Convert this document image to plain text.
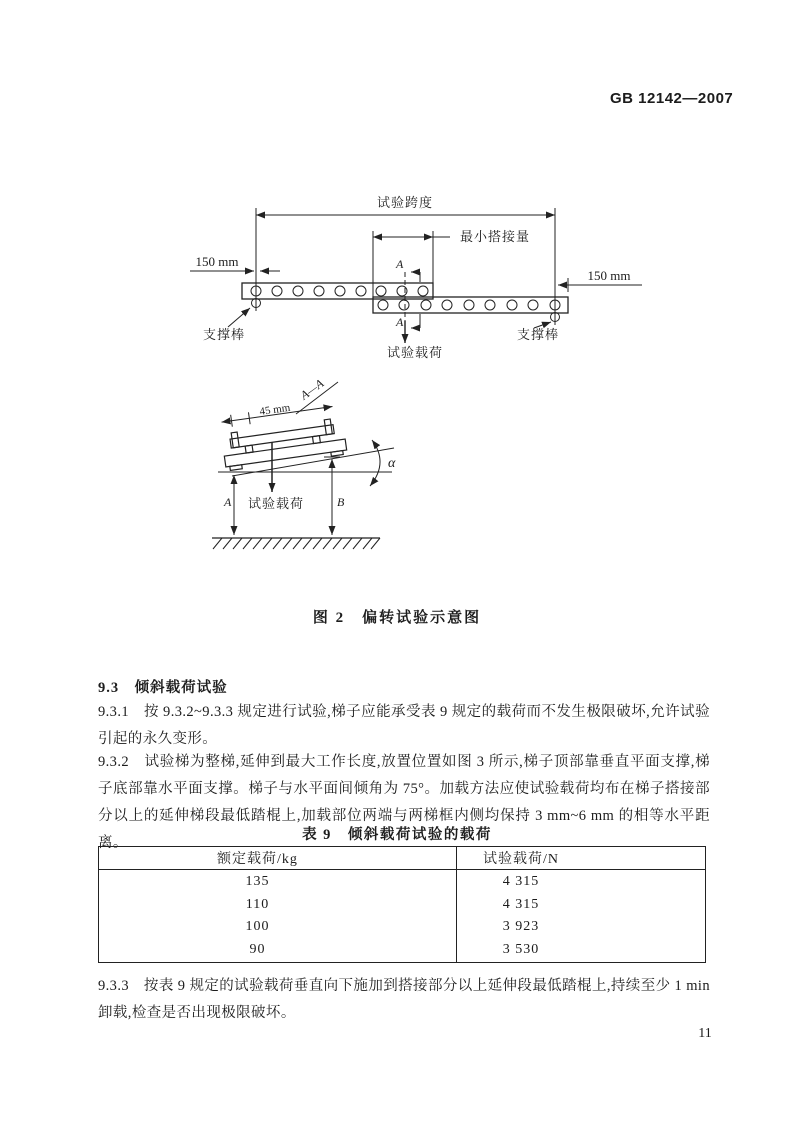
GB 12142—2007
A
A
试验跨度
最小搭接量
150 mm
150 mm
支撑棒	支撑棒
试验载荷
A—A
45 mm
α
A	B
试验载荷
图 2　偏转试验示意图
9.3　倾斜载荷试验

9.3.1　按 9.3.2~9.3.3 规定进行试验,梯子应能承受表 9 规定的载荷而不发生极限破坏,允许试验引起的永久变形。

9.3.2　试验梯为整梯,延伸到最大工作长度,放置位置如图 3 所示,梯子顶部靠垂直平面支撑,梯子底部靠水平面支撑。梯子与水平面间倾角为 75°。加载方法应使试验载荷均布在梯子搭接部分以上的延伸梯段最低踏棍上,加载部位两端与两梯框内侧均保持 3 mm~6 mm 的相等水平距离。	表 9　倾斜载荷试验的载荷
额定载荷/kg	试验载荷/N
135	4 315
110	4 315
100	3 923
90	3 530

9.3.3　按表 9 规定的试验载荷垂直向下施加到搭接部分以上延伸段最低踏棍上,持续至少 1 min 卸载,检查是否出现极限破坏。

11
